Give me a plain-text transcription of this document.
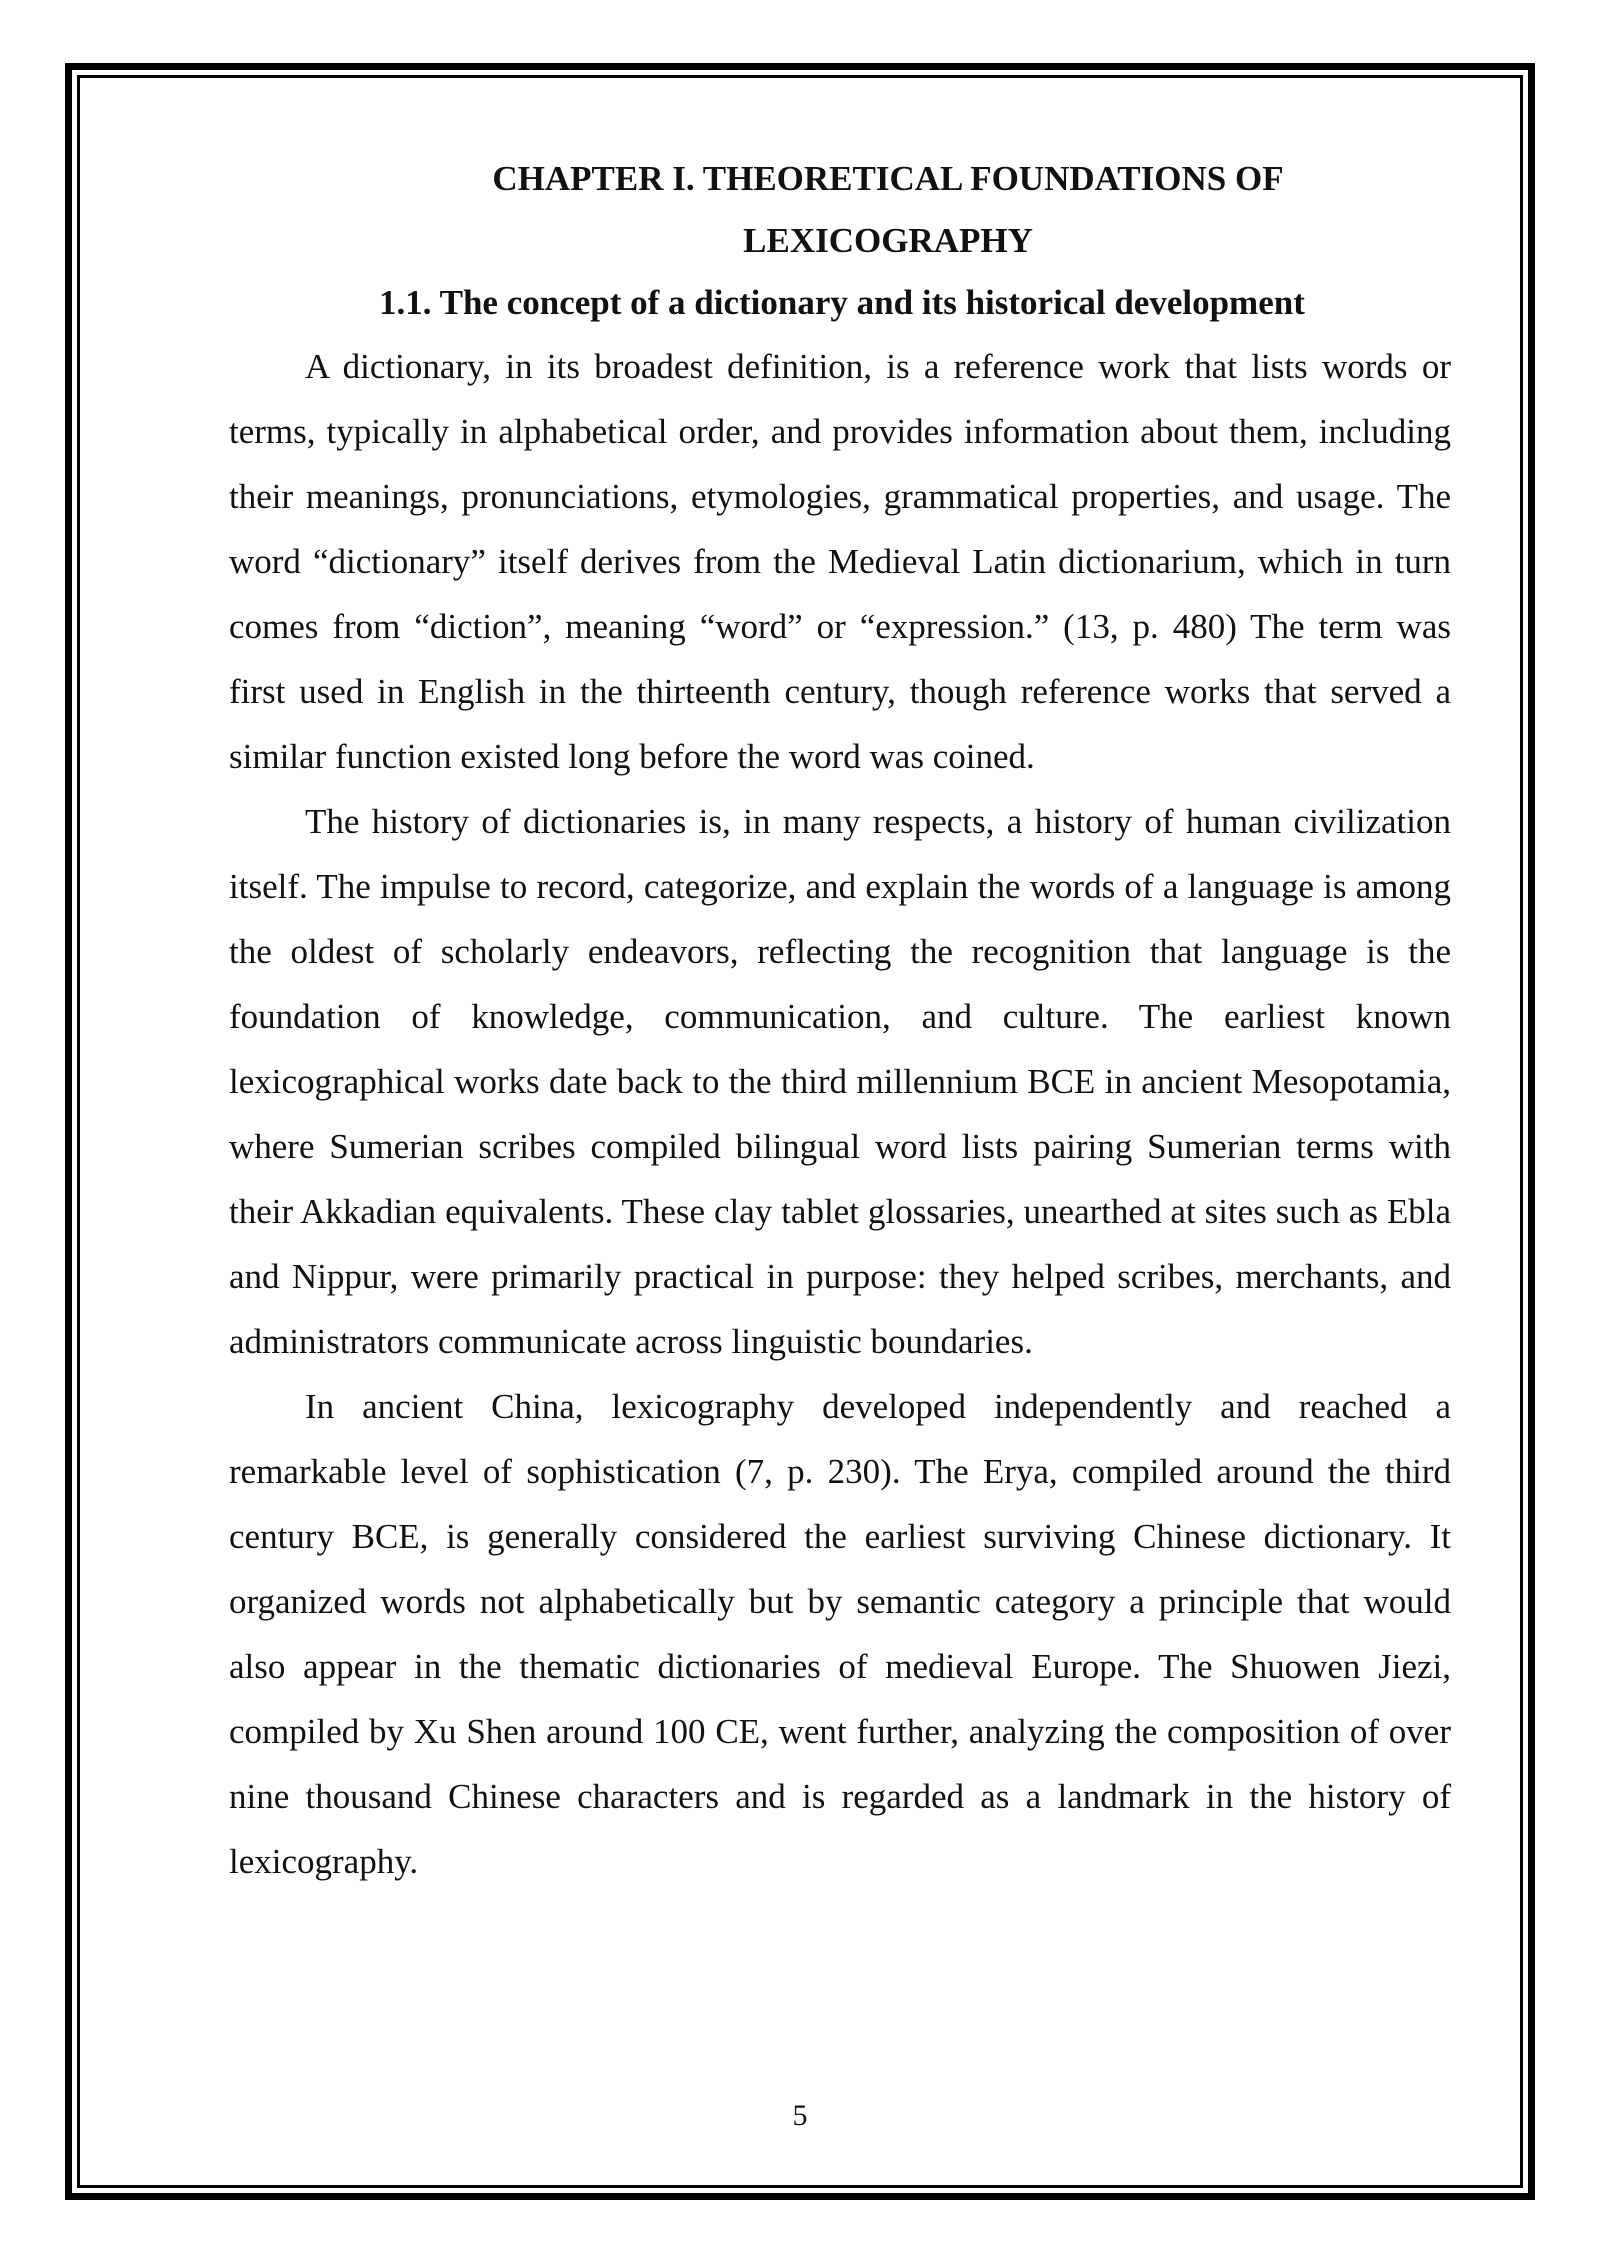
CHAPTER I. THEORETICAL FOUNDATIONS OF
LEXICOGRAPHY
1.1. The concept of a dictionary and its historical development

A dictionary, in its broadest definition, is a reference work that lists words or terms, typically in alphabetical order, and provides information about them, including their meanings, pronunciations, etymologies, grammatical properties, and usage. The word “dictionary” itself derives from the Medieval Latin dictionarium, which in turn comes from “diction”, meaning “word” or “expression.” (13, p. 480) The term was first used in English in the thirteenth century, though reference works that served a similar function existed long before the word was coined.

The history of dictionaries is, in many respects, a history of human civilization itself. The impulse to record, categorize, and explain the words of a language is among the oldest of scholarly endeavors, reflecting the recognition that language is the foundation of knowledge, communication, and culture. The earliest known lexicographical works date back to the third millennium BCE in ancient Mesopotamia, where Sumerian scribes compiled bilingual word lists pairing Sumerian terms with their Akkadian equivalents. These clay tablet glossaries, unearthed at sites such as Ebla and Nippur, were primarily practical in purpose: they helped scribes, merchants, and administrators communicate across linguistic boundaries.

In ancient China, lexicography developed independently and reached a remarkable level of sophistication (7, p. 230). The Erya, compiled around the third century BCE, is generally considered the earliest surviving Chinese dictionary. It organized words not alphabetically but by semantic category a principle that would also appear in the thematic dictionaries of medieval Europe. The Shuowen Jiezi, compiled by Xu Shen around 100 CE, went further, analyzing the composition of over nine thousand Chinese characters and is regarded as a landmark in the history of lexicography.

5
